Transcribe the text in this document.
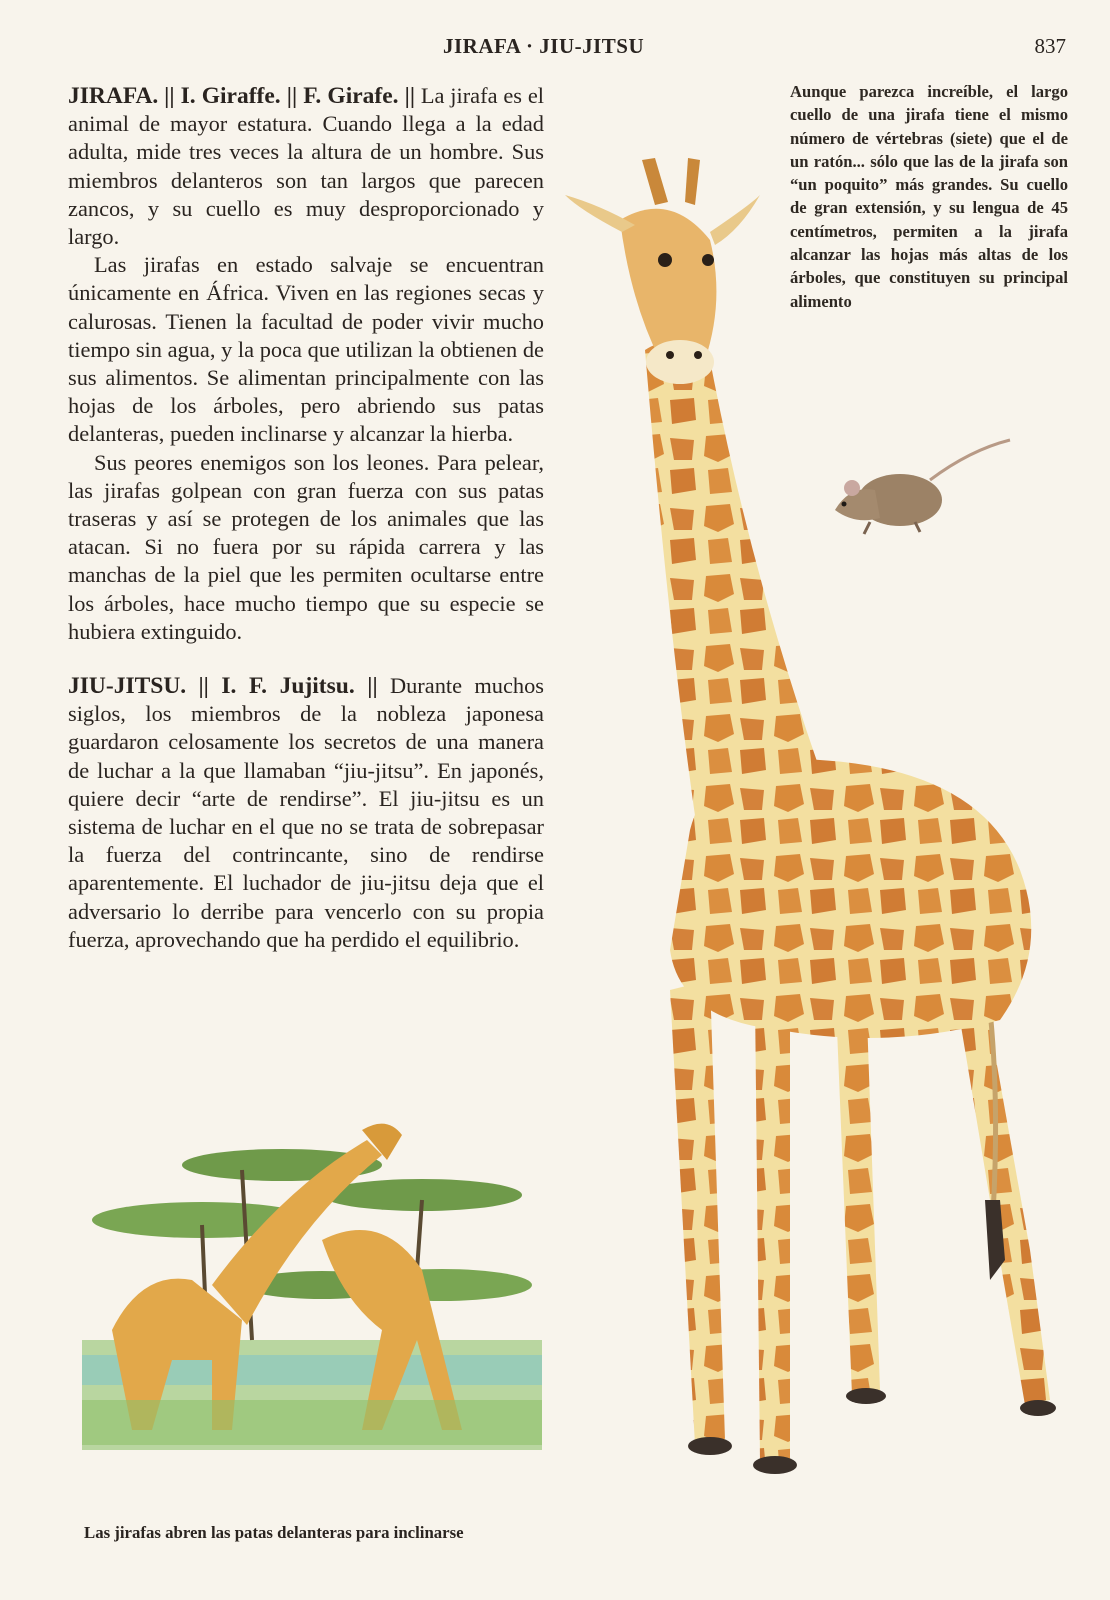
JIRAFA · JIU-JITSU	837

JIRAFA. || I. Giraffe. || F. Girafe. || La jirafa es el animal de mayor estatura. Cuando llega a la edad adulta, mide tres veces la altura de un hombre. Sus miembros delanteros son tan largos que parecen zancos, y su cuello es muy desproporcionado y largo.

Las jirafas en estado salvaje se encuentran únicamente en África. Viven en las regiones secas y calurosas. Tienen la facultad de poder vivir mucho tiempo sin agua, y la poca que utilizan la obtienen de sus alimentos. Se alimentan principalmente con las hojas de los árboles, pero abriendo sus patas delanteras, pueden inclinarse y alcanzar la hierba.

Sus peores enemigos son los leones. Para pelear, las jirafas golpean con gran fuerza con sus patas traseras y así se protegen de los animales que las atacan. Si no fuera por su rápida carrera y las manchas de la piel que les permiten ocultarse entre los árboles, hace mucho tiempo que su especie se hubiera extinguido.

JIU-JITSU. || I. F. Jujitsu. || Durante muchos siglos, los miembros de la nobleza japonesa guardaron celosamente los secretos de una manera de luchar a la que llamaban “jiu-jitsu”. En japonés, quiere decir “arte de rendirse”. El jiu-jitsu es un sistema de luchar en el que no se trata de sobrepasar la fuerza del contrincante, sino de rendirse aparentemente. El luchador de jiu-jitsu deja que el adversario lo derribe para vencerlo con su propia fuerza, aprovechando que ha perdido el equilibrio.

Aunque parezca increíble, el largo cuello de una jirafa tiene el mismo número de vértebras (siete) que el de un ratón... sólo que las de la jirafa son “un poquito” más grandes. Su cuello de gran extensión, y su lengua de 45 centímetros, permiten a la jirafa alcanzar las hojas más altas de los árboles, que constituyen su principal alimento
Las jirafas abren las patas delanteras para inclinarse
